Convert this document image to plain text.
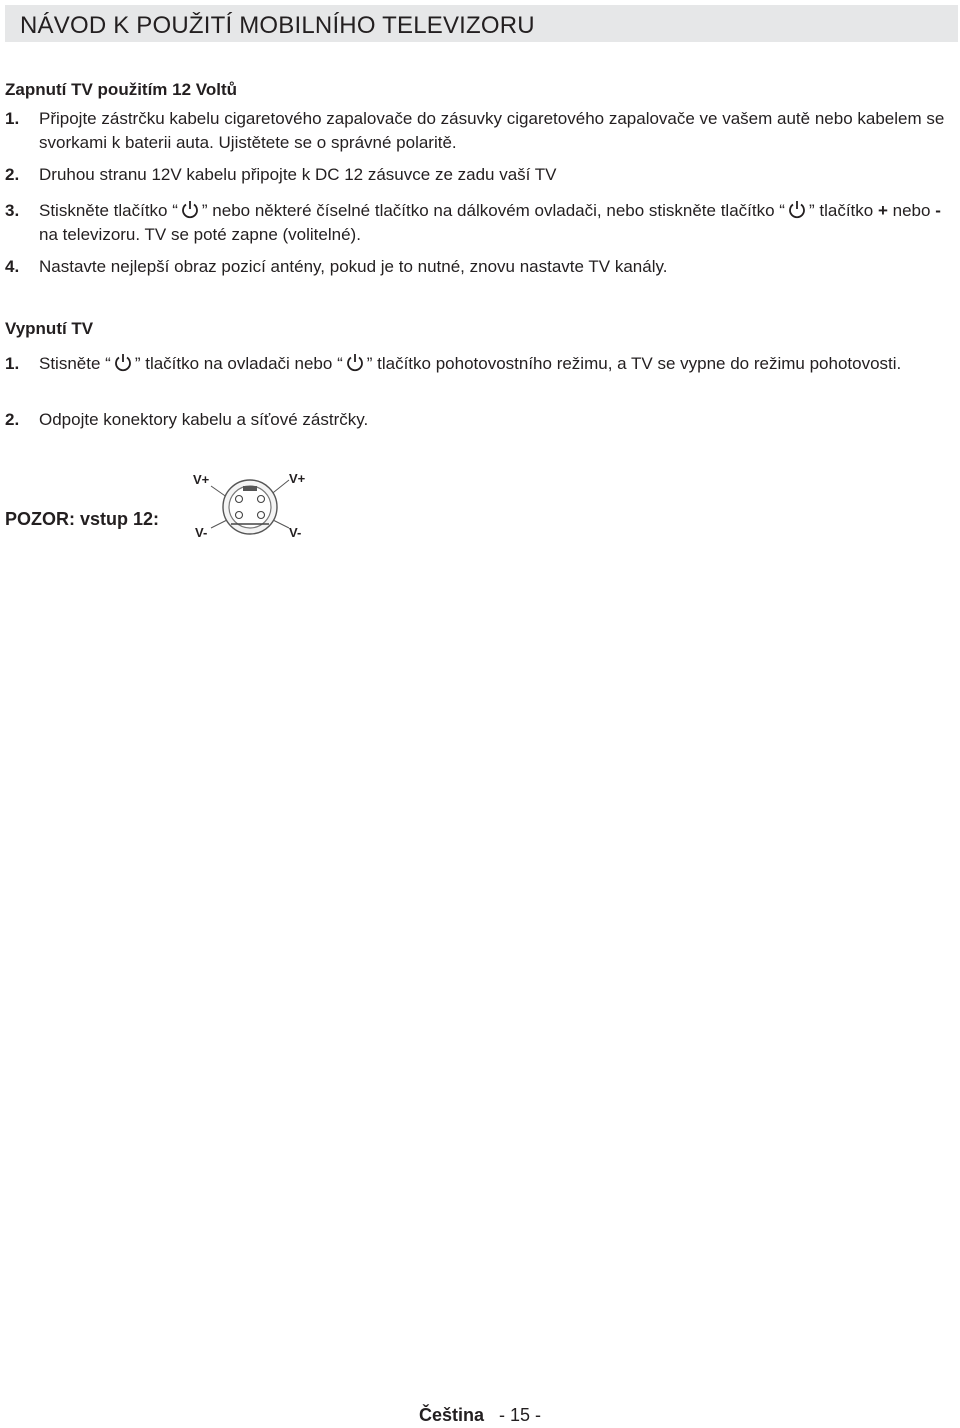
NÁVOD K POUŽITÍ MOBILNÍHO TELEVIZORU
Zapnutí TV použitím 12 Voltů
1. Připojte zástrčku kabelu cigaretového zapalovače do zásuvky cigaretového zapalovače ve vašem autě nebo kabelem se svorkami k baterii auta. Ujistětete se o správné polaritě.
2. Druhou stranu 12V kabelu připojte k DC 12 zásuvce ze zadu vaší TV
3. Stiskněte tlačítko “ ” nebo některé číselné tlačítko na dálkovém ovladači, nebo stiskněte tlačítko “ ” tlačítko + nebo - na televizoru. TV se poté zapne (volitelné).
4. Nastavte nejlepší obraz pozicí antény, pokud je to nutné, znovu nastavte TV kanály.
Vypnutí TV
1. Stisněte “ ” tlačítko na ovladači nebo “ ” tlačítko pohotovostního režimu, a TV se vypne do režimu pohotovosti.
2. Odpojte konektory kabelu a síťové zástrčky.
POZOR: vstup 12:
V+	V+
V-	V-
Čeština - 15 -
